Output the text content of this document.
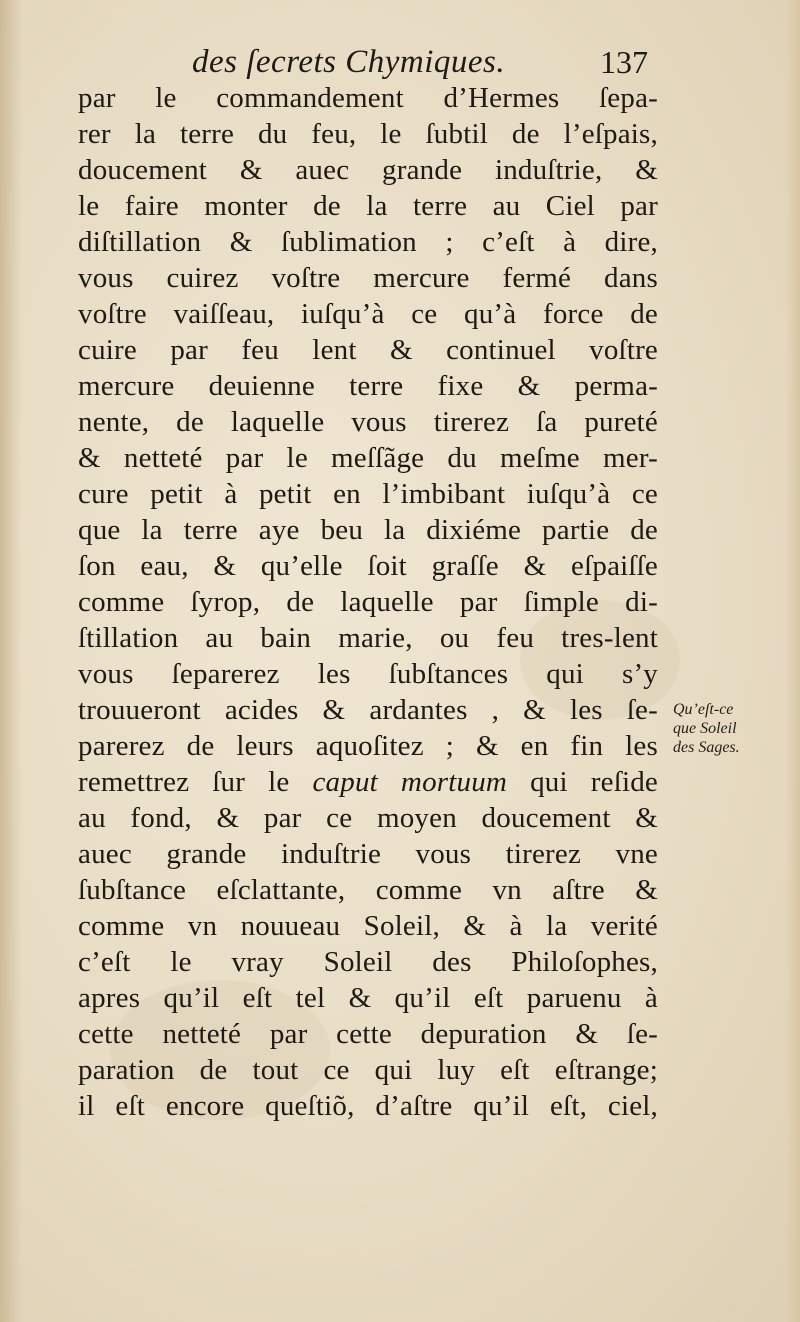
des ſecrets Chymiques.	137
par le commandement d’Hermes ſepa-
rer la terre du feu, le ſubtil de l’eſpais,
doucement & auec grande induſtrie, &
le faire monter de la terre au Ciel par
diſtillation & ſublimation ; c’eſt à dire,
vous cuirez voſtre mercure fermé dans
voſtre vaiſſeau, iuſqu’à ce qu’à force de
cuire par feu lent & continuel voſtre
mercure deuienne terre fixe & perma-
nente, de laquelle vous tirerez ſa pureté
& netteté par le meſſãge du meſme mer-
cure petit à petit en l’imbibant iuſqu’à ce
que la terre aye beu la dixiéme partie de
ſon eau, & qu’elle ſoit graſſe & eſpaiſſe
comme ſyrop, de laquelle par ſimple di-
ſtillation au bain marie, ou feu tres-lent
vous ſeparerez les ſubſtances qui s’y
trouueront acides & ardantes , & les ſe-
parerez de leurs aquoſitez ; & en fin les
remettrez ſur le caput mortuum qui reſide
au fond, & par ce moyen doucement &
auec grande induſtrie vous tirerez vne
ſubſtance eſclattante, comme vn aſtre &
comme vn nouueau Soleil, & à la verité
c’eſt le vray Soleil des Philoſophes,
apres qu’il eſt tel & qu’il eſt paruenu à
cette netteté par cette depuration & ſe-
paration de tout ce qui luy eſt eſtrange;
il eſt encore queſtiõ, d’aſtre qu’il eſt, ciel,
Qu’eſt-ce
que Soleil
des Sages.
